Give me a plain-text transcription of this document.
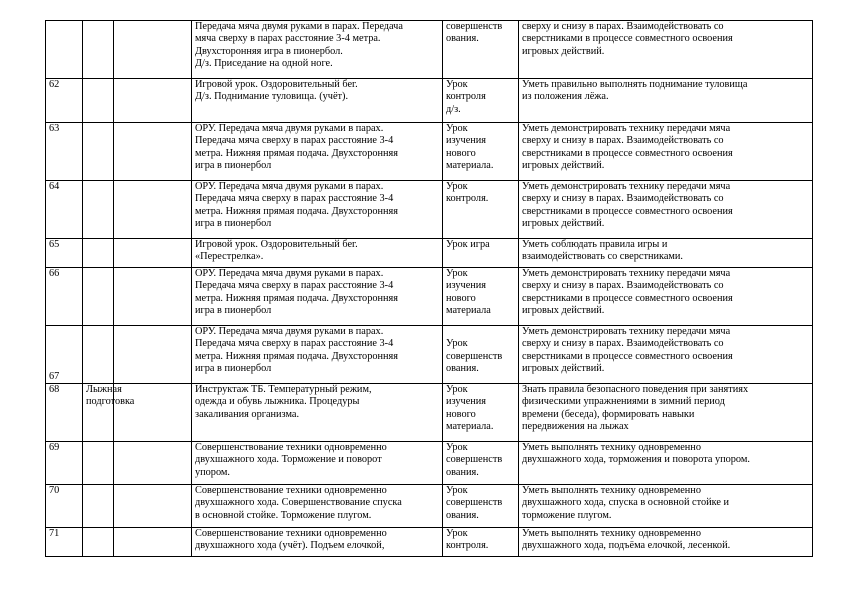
			Передача мяча двумя руками в парах. Передача
мяча сверху в парах расстояние 3-4 метра.
Двухсторонняя игра в пионербол.
Д/з. Приседание на одной ноге.	совершенств
ования.	сверху и снизу в парах. Взаимодействовать со
сверстниками в процессе совместного освоения
игровых действий.

62			Игровой урок. Оздоровительный бег.
Д/з. Поднимание туловища. (учёт).	Урок
контроля
д/з.	Уметь правильно выполнять поднимание туловища
из положения лёжа.

63			ОРУ. Передача мяча двумя руками в парах.
Передача мяча сверху в парах расстояние 3-4
метра. Нижняя прямая подача. Двухсторонняя
игра в пионербол	Урок
изучения
нового
материала.	Уметь демонстрировать технику передачи мяча
сверху и снизу в парах. Взаимодействовать со
сверстниками в процессе совместного освоения
игровых действий.

64			ОРУ. Передача мяча двумя руками в парах.
Передача мяча сверху в парах расстояние 3-4
метра. Нижняя прямая подача. Двухсторонняя
игра в пионербол	Урок
контроля.	Уметь демонстрировать технику передачи мяча
сверху и снизу в парах. Взаимодействовать со
сверстниками в процессе совместного освоения
игровых действий.

65			Игровой урок. Оздоровительный бег.
«Перестрелка».	Урок игра	Уметь соблюдать правила игры и
взаимодействовать со сверстниками.

66			ОРУ. Передача мяча двумя руками в парах.
Передача мяча сверху в парах расстояние 3-4
метра. Нижняя прямая подача. Двухсторонняя
игра в пионербол	Урок
изучения
нового
материала	Уметь демонстрировать технику передачи мяча
сверху и снизу в парах. Взаимодействовать со
сверстниками в процессе совместного освоения
игровых действий.

67			ОРУ. Передача мяча двумя руками в парах.
Передача мяча сверху в парах расстояние 3-4
метра. Нижняя прямая подача. Двухсторонняя
игра в пионербол	Урок
совершенств
ования.	Уметь демонстрировать технику передачи мяча
сверху и снизу в парах. Взаимодействовать со
сверстниками в процессе совместного освоения
игровых действий.

68	Лыжная
подготовка		Инструктаж ТБ. Температурный режим,
одежда и обувь лыжника. Процедуры
закаливания организма.	Урок
изучения
нового
материала.	Знать правила безопасного поведения при занятиях
физическими упражнениями в зимний период
времени (беседа), формировать навыки
передвижения на лыжах

69			Совершенствование техники одновременно
двухшажного хода. Торможение и поворот
упором.	Урок
совершенств
ования.	Уметь выполнять технику одновременно
двухшажного хода, торможения и поворота упором.

70			Совершенствование техники одновременно
двухшажного хода. Совершенствование спуска
в основной стойке. Торможение плугом.	Урок
совершенств
ования.	Уметь выполнять технику одновременно
двухшажного хода, спуска в основной стойке и
торможение плугом.

71			Совершенствование техники одновременно
двухшажного хода (учёт). Подъем елочкой,	Урок
контроля.	Уметь выполнять технику одновременно
двухшажного хода, подъёма елочкой, лесенкой.
